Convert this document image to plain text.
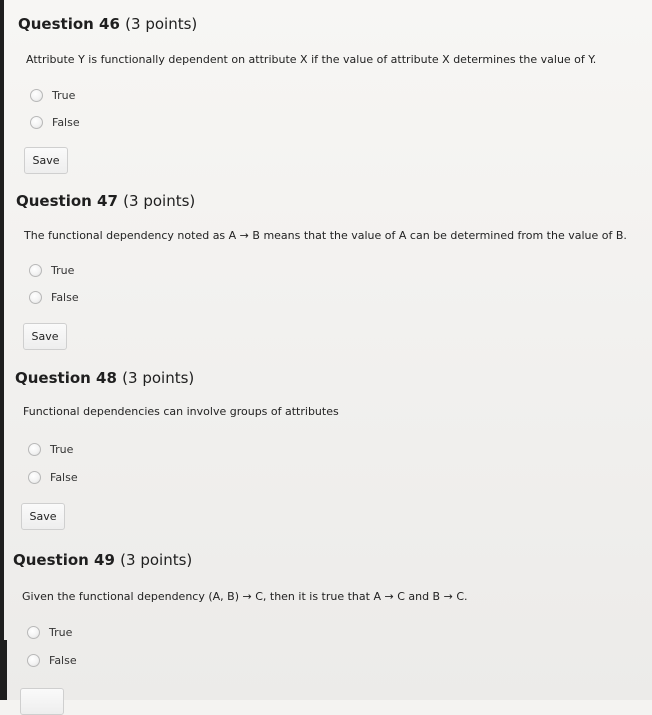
Question 46 (3 points)
Attribute Y is functionally dependent on attribute X if the value of attribute X determines the value of Y.
True
False
Save
Question 47 (3 points)
The functional dependency noted as A → B means that the value of A can be determined from the value of B.
True
False
Save
Question 48 (3 points)
Functional dependencies can involve groups of attributes
True
False
Save
Question 49 (3 points)
Given the functional dependency (A, B) → C, then it is true that A → C and B → C.
True
False
